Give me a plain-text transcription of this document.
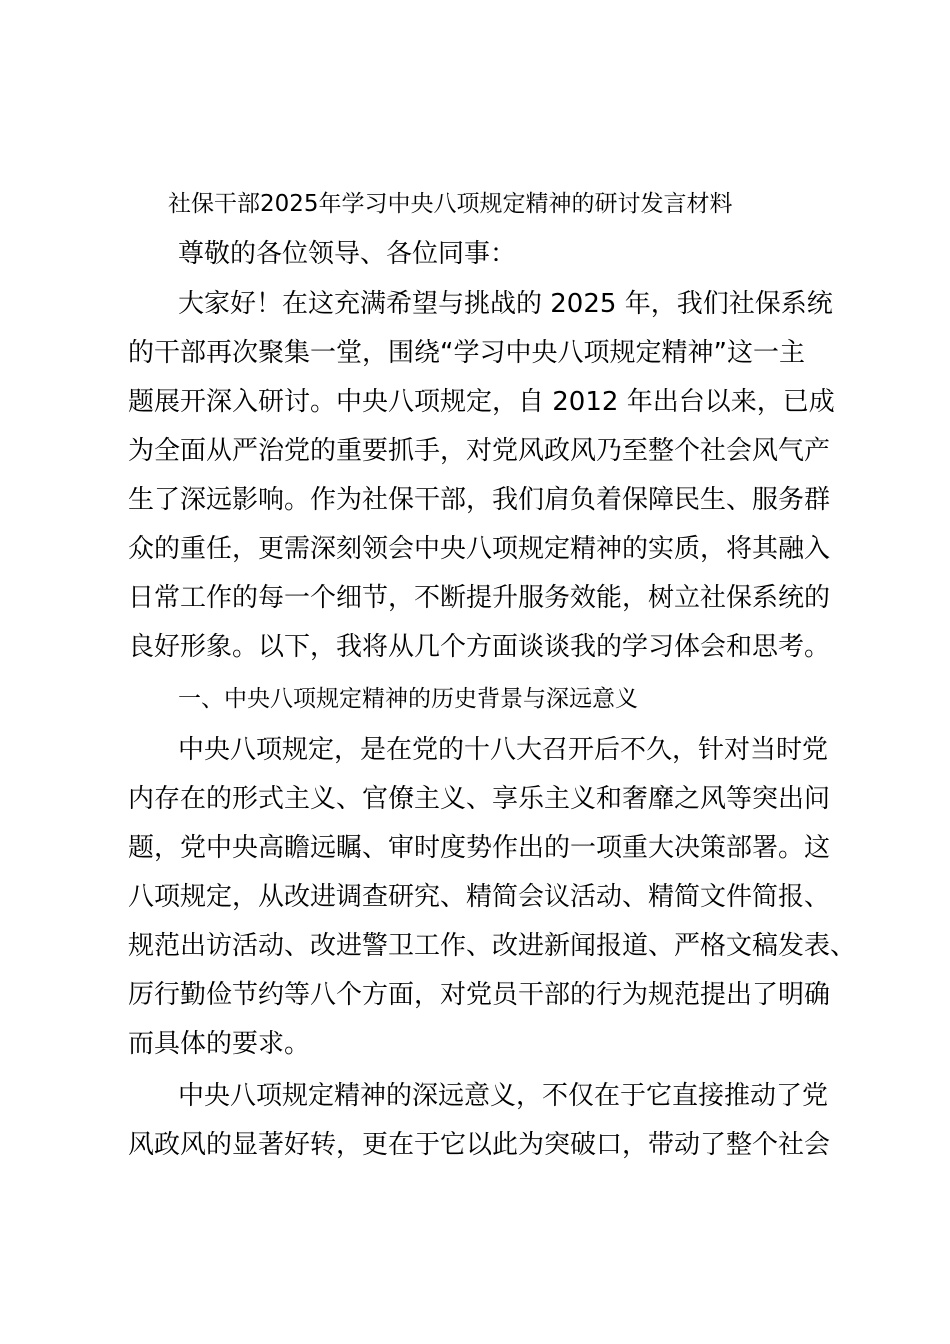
社保干部2025年学习中央八项规定精神的研讨发言材料
尊敬的各位领导、各位同事：
大家好！在这充满希望与挑战的 2025 年，我们社保系统
的干部再次聚集一堂，围绕“学习中央八项规定精神”这一主
题展开深入研讨。中央八项规定，自 2012 年出台以来，已成
为全面从严治党的重要抓手，对党风政风乃至整个社会风气产
生了深远影响。作为社保干部，我们肩负着保障民生、服务群
众的重任，更需深刻领会中央八项规定精神的实质，将其融入
日常工作的每一个细节，不断提升服务效能，树立社保系统的
良好形象。以下，我将从几个方面谈谈我的学习体会和思考。
一、中央八项规定精神的历史背景与深远意义
中央八项规定，是在党的十八大召开后不久，针对当时党
内存在的形式主义、官僚主义、享乐主义和奢靡之风等突出问
题，党中央高瞻远瞩、审时度势作出的一项重大决策部署。这
八项规定，从改进调查研究、精简会议活动、精简文件简报、
规范出访活动、改进警卫工作、改进新闻报道、严格文稿发表、
厉行勤俭节约等八个方面，对党员干部的行为规范提出了明确
而具体的要求。
中央八项规定精神的深远意义，不仅在于它直接推动了党
风政风的显著好转，更在于它以此为突破口，带动了整个社会
